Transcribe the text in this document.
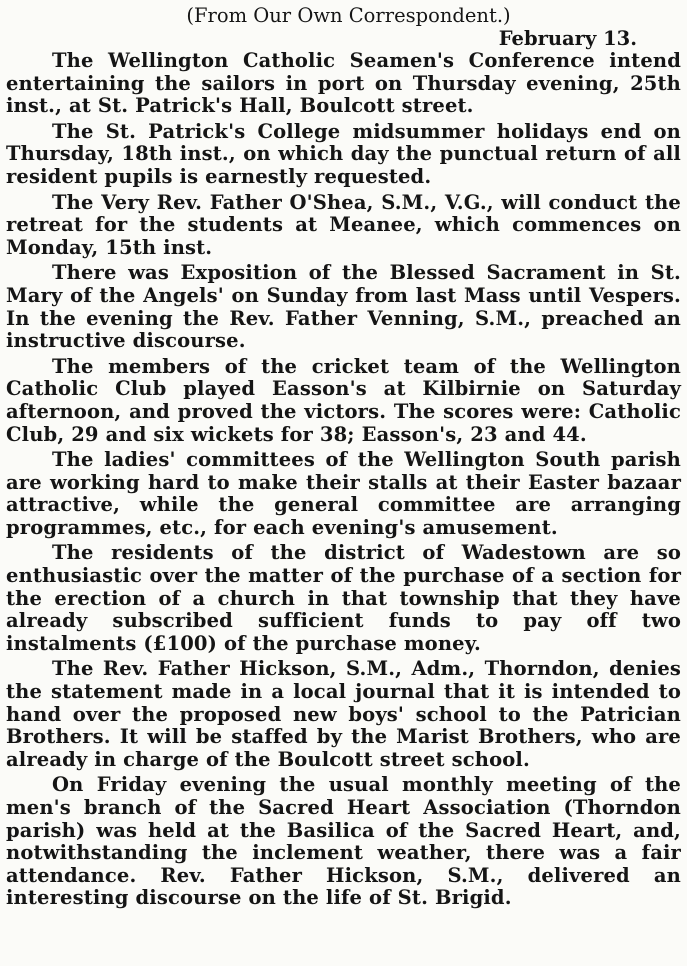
(From Our Own Correspondent.)

February 13.

The Wellington Catholic Seamen's Conference intend entertaining the sailors in port on Thursday evening, 25th inst., at St. Patrick's Hall, Boulcott street.

The St. Patrick's College midsummer holidays end on Thursday, 18th inst., on which day the punctual return of all resident pupils is earnestly requested.

The Very Rev. Father O'Shea, S.M., V.G., will conduct the retreat for the students at Meanee, which commences on Monday, 15th inst.

There was Exposition of the Blessed Sacrament in St. Mary of the Angels' on Sunday from last Mass until Vespers. In the evening the Rev. Father Venning, S.M., preached an instructive discourse.

The members of the cricket team of the Wellington Catholic Club played Easson's at Kilbirnie on Saturday afternoon, and proved the victors. The scores were: Catholic Club, 29 and six wickets for 38; Easson's, 23 and 44.

The ladies' committees of the Wellington South parish are working hard to make their stalls at their Easter bazaar attractive, while the general committee are arranging programmes, etc., for each evening's amusement.

The residents of the district of Wadestown are so enthusiastic over the matter of the purchase of a section for the erection of a church in that township that they have already subscribed sufficient funds to pay off two instalments (£100) of the purchase money.

The Rev. Father Hickson, S.M., Adm., Thorndon, denies the statement made in a local journal that it is intended to hand over the proposed new boys' school to the Patrician Brothers. It will be staffed by the Marist Brothers, who are already in charge of the Boulcott street school.

On Friday evening the usual monthly meeting of the men's branch of the Sacred Heart Association (Thorndon parish) was held at the Basilica of the Sacred Heart, and, notwithstanding the inclement weather, there was a fair attendance. Rev. Father Hickson, S.M., delivered an interesting discourse on the life of St. Brigid.
